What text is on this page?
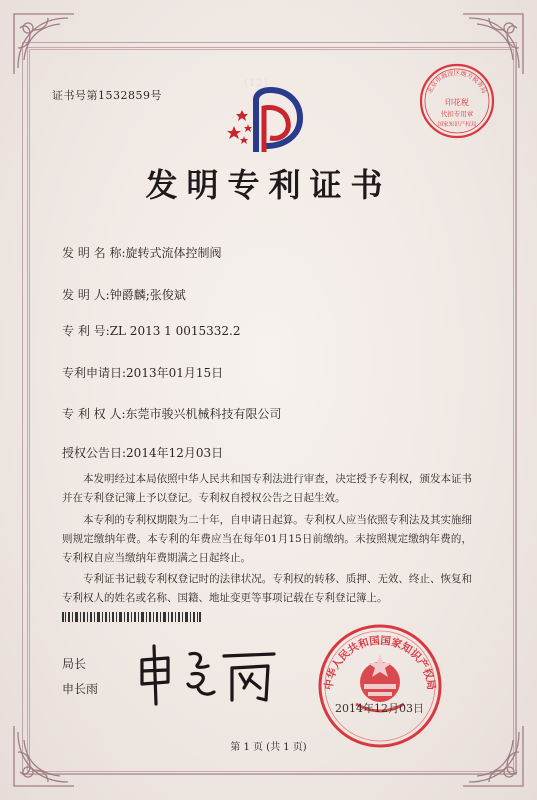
证书号第1532859号
(12)
发明专利证书
发 明 名 称:旋转式流体控制阀
发 明 人:钟爵麟;张俊斌
专 利 号:ZL 2013 1 0015332.2
专利申请日:2013年01月15日
专 利 权 人:东莞市骏兴机械科技有限公司
授权公告日:2014年12月03日
本发明经过本局依照中华人民共和国专利法进行审查，决定授予专利权，颁发本证书并在专利登记簿上予以登记。专利权自授权公告之日起生效。
本专利的专利权期限为二十年，自申请日起算。专利权人应当依照专利法及其实施细则规定缴纳年费。本专利的年费应当在每年01月15日前缴纳。未按照规定缴纳年费的，专利权自应当缴纳年费期满之日起终止。
专利证书记载专利权登记时的法律状况。专利权的转移、质押、无效、终止、恢复和专利权人的姓名或名称、国籍、地址变更等事项记载在专利登记簿上。
局长
申长雨
北京市海淀区地方税务局
印花税
代扣专用章
国家知识产权局
中华人民共和国国家知识产权局
2014年12月03日
第 1 页 (共 1 页)
